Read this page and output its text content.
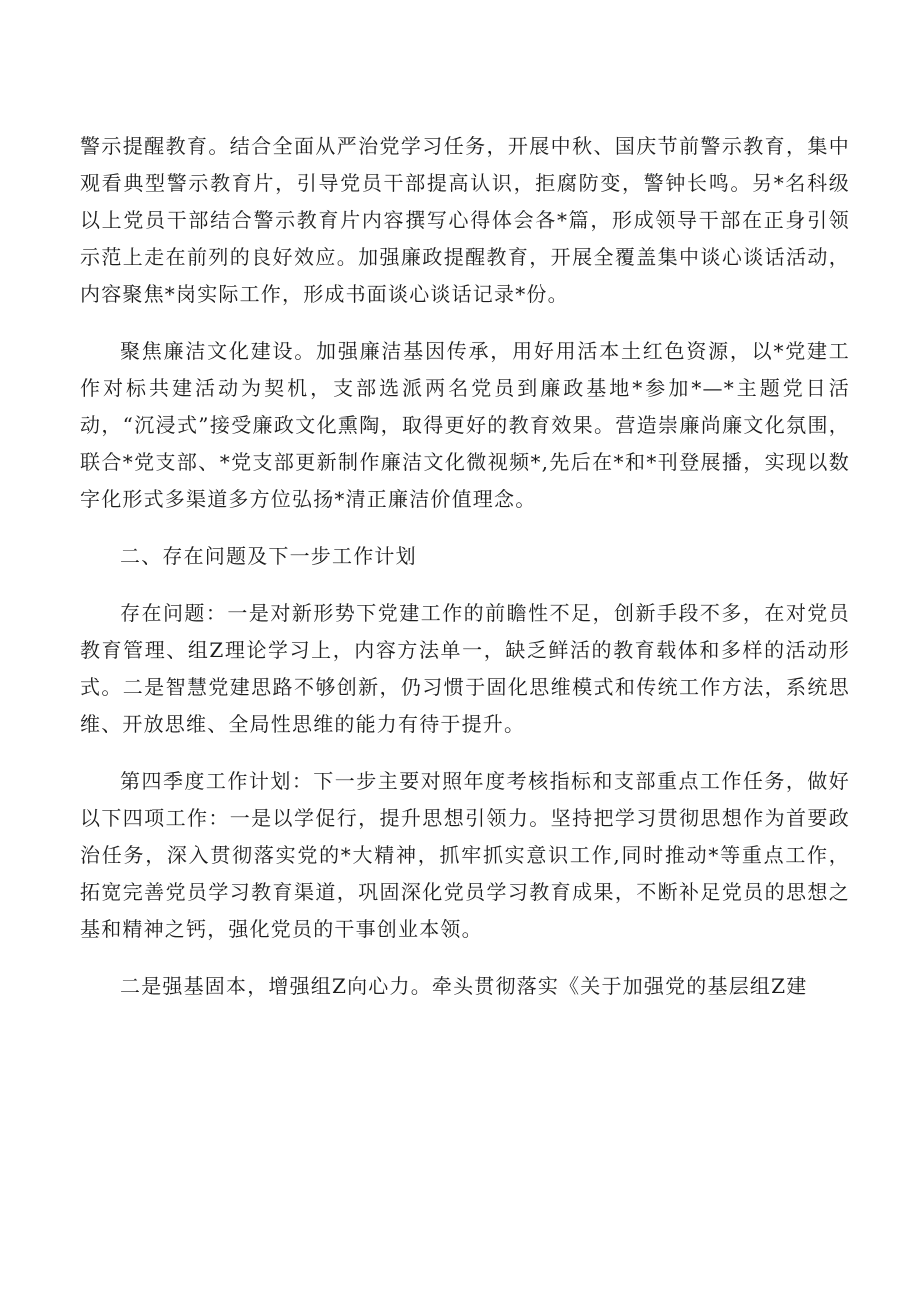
警示提醒教育。结合全面从严治党学习任务，开展中秋、国庆节前警示教育，集中观看典型警示教育片，引导党员干部提高认识，拒腐防变，警钟长鸣。另*名科级以上党员干部结合警示教育片内容撰写心得体会各*篇，形成领导干部在正身引领示范上走在前列的良好效应。加强廉政提醒教育，开展全覆盖集中谈心谈话活动，内容聚焦*岗实际工作，形成书面谈心谈话记录*份。

聚焦廉洁文化建设。加强廉洁基因传承，用好用活本土红色资源，以*党建工作对标共建活动为契机，支部选派两名党员到廉政基地*参加*—*主题党日活动，“沉浸式”接受廉政文化熏陶，取得更好的教育效果。营造崇廉尚廉文化氛围，联合*党支部、*党支部更新制作廉洁文化微视频*,先后在*和*刊登展播，实现以数字化形式多渠道多方位弘扬*清正廉洁价值理念。

二、存在问题及下一步工作计划

存在问题：一是对新形势下党建工作的前瞻性不足，创新手段不多，在对党员教育管理、组Z理论学习上，内容方法单一，缺乏鲜活的教育载体和多样的活动形式。二是智慧党建思路不够创新，仍习惯于固化思维模式和传统工作方法，系统思维、开放思维、全局性思维的能力有待于提升。

第四季度工作计划：下一步主要对照年度考核指标和支部重点工作任务，做好以下四项工作：一是以学促行，提升思想引领力。坚持把学习贯彻思想作为首要政治任务，深入贯彻落实党的*大精神，抓牢抓实意识工作,同时推动*等重点工作，拓宽完善党员学习教育渠道，巩固深化党员学习教育成果，不断补足党员的思想之基和精神之钙，强化党员的干事创业本领。

二是强基固本，增强组Z向心力。牵头贯彻落实《关于加强党的基层组Z建
